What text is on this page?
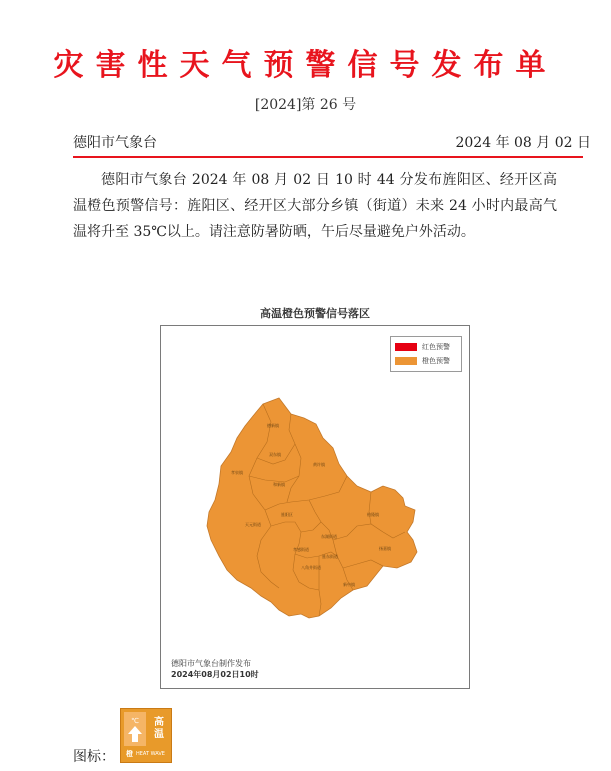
灾害性天气预警信号发布单
[2024]第 26 号
德阳市气象台	2024 年 08 月 02 日
德阳市气象台 2024 年 08 月 02 日 10 时 44 分发布旌阳区、经开区高温橙色预警信号：旌阳区、经开区大部分乡镇（街道）未来 24 小时内最高气温将升至 35℃以上。请注意防暑防晒，午后尽量避免户外活动。
高温橙色预警信号落区
德新镇
孝泉镇
双东镇
黄许镇
旌阳区
天元街道
和新镇
八角井街道
东湖街道
孝感街道
柏隆镇
扬嘉镇
新中镇
旌东街道
红色预警
橙色预警
德阳市气象台制作发布
2024年08月02日10时
图标：
℃ 高
温
橙 HEAT WAVE
